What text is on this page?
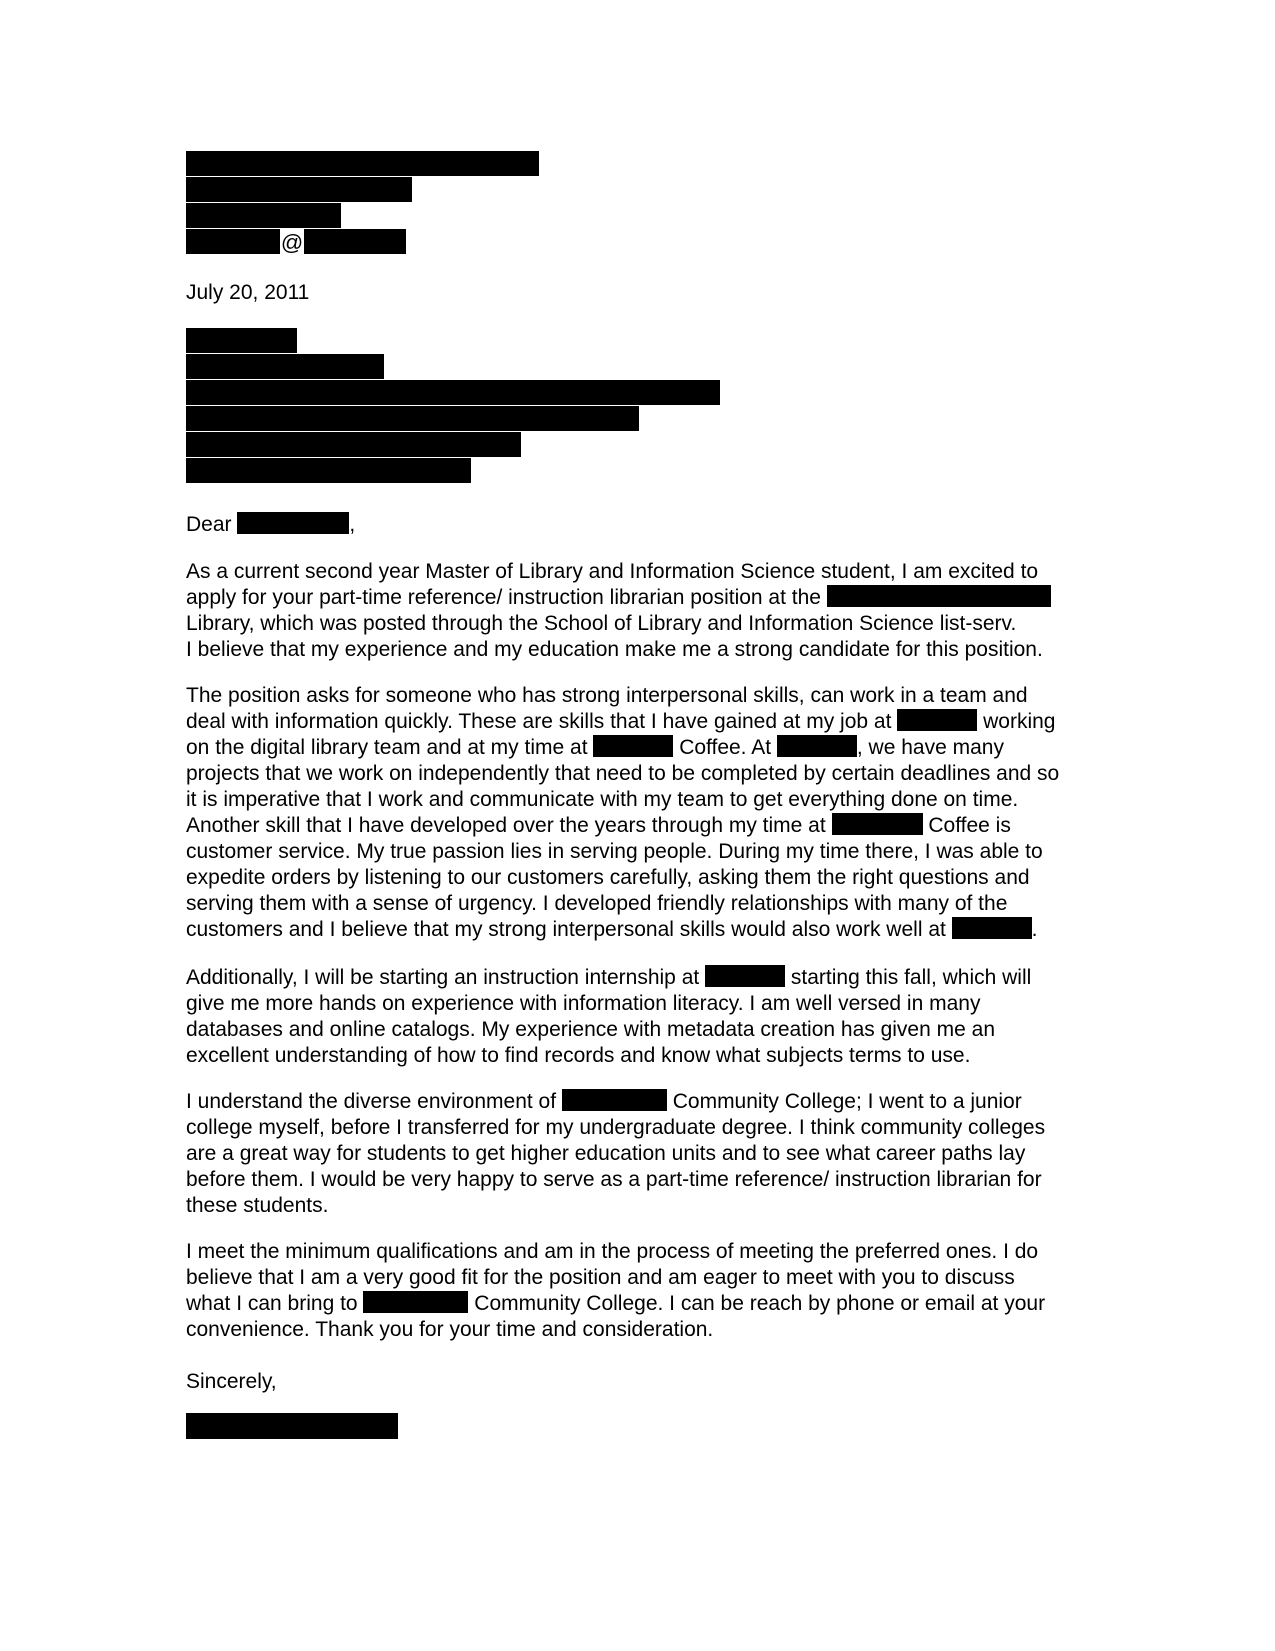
@
July 20, 2011
Dear	,
As a current second year Master of Library and Information Science student, I am excited to
apply for your part-time reference/ instruction librarian position at the
Library, which was posted through the School of Library and Information Science list-serv.
I believe that my experience and my education make me a strong candidate for this position.
The position asks for someone who has strong interpersonal skills, can work in a team and
deal with information quickly. These are skills that I have gained at my job at	working
on the digital library team and at my time at	Coffee. At	, we have many
projects that we work on independently that need to be completed by certain deadlines and so
it is imperative that I work and communicate with my team to get everything done on time.
Another skill that I have developed over the years through my time at	Coffee is
customer service. My true passion lies in serving people. During my time there, I was able to
expedite orders by listening to our customers carefully, asking them the right questions and
serving them with a sense of urgency. I developed friendly relationships with many of the
customers and I believe that my strong interpersonal skills would also work well at	.
Additionally, I will be starting an instruction internship at	starting this fall, which will
give me more hands on experience with information literacy. I am well versed in many
databases and online catalogs. My experience with metadata creation has given me an
excellent understanding of how to find records and know what subjects terms to use.
I understand the diverse environment of	Community College; I went to a junior
college myself, before I transferred for my undergraduate degree. I think community colleges
are a great way for students to get higher education units and to see what career paths lay
before them. I would be very happy to serve as a part-time reference/ instruction librarian for
these students.
I meet the minimum qualifications and am in the process of meeting the preferred ones. I do
believe that I am a very good fit for the position and am eager to meet with you to discuss
what I can bring to	Community College. I can be reach by phone or email at your
convenience. Thank you for your time and consideration.
Sincerely,
